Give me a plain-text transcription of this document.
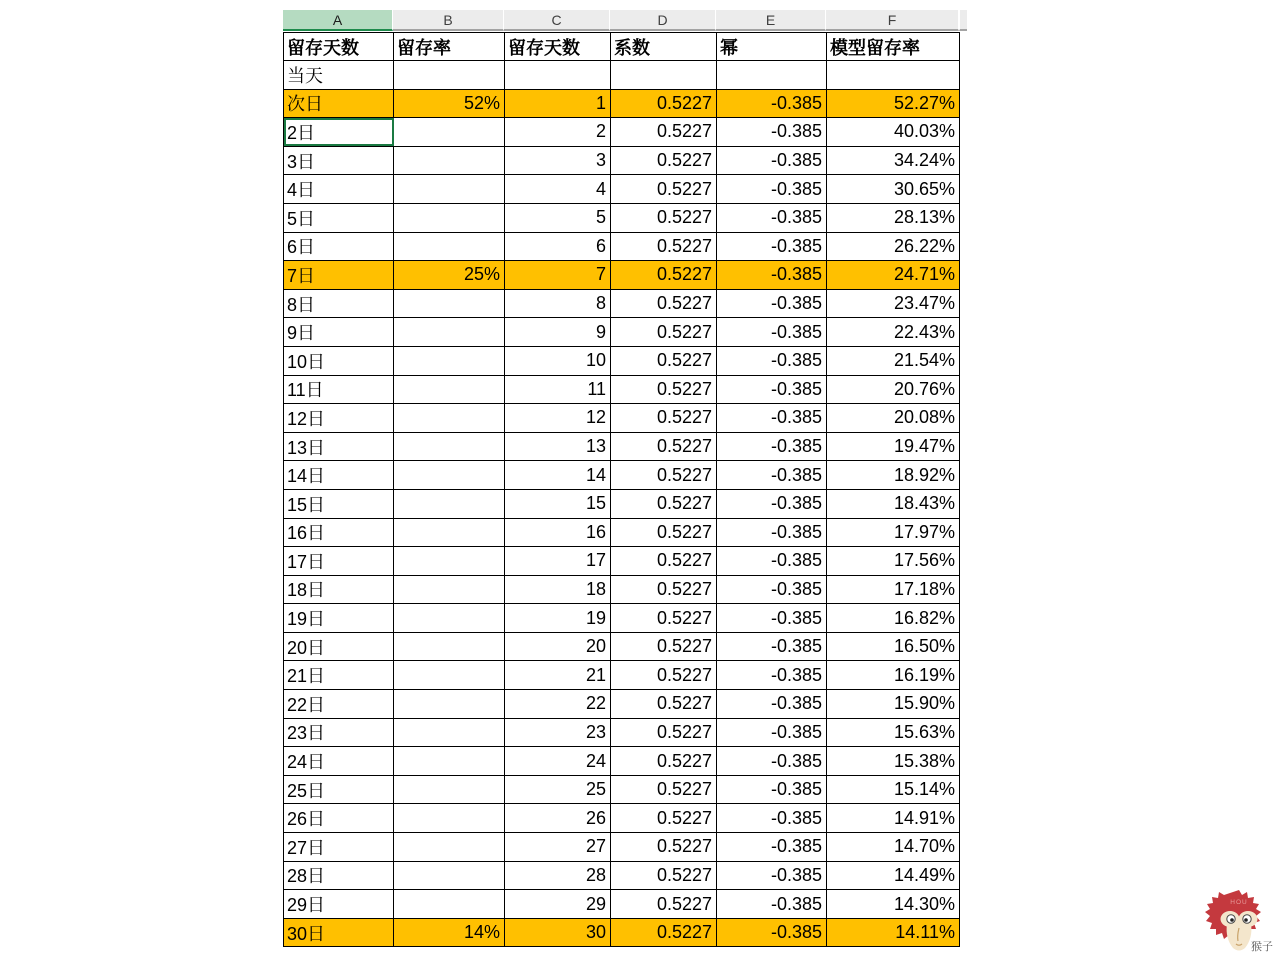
A	B	C	D	E	F
留存天数	留存率	留存天数	系数	幂	模型留存率
当天					
次日	52%	1	0.5227	-0.385	52.27%
2日		2	0.5227	-0.385	40.03%
3日		3	0.5227	-0.385	34.24%
4日		4	0.5227	-0.385	30.65%
5日		5	0.5227	-0.385	28.13%
6日		6	0.5227	-0.385	26.22%
7日	25%	7	0.5227	-0.385	24.71%
8日		8	0.5227	-0.385	23.47%
9日		9	0.5227	-0.385	22.43%
10日		10	0.5227	-0.385	21.54%
11日		11	0.5227	-0.385	20.76%
12日		12	0.5227	-0.385	20.08%
13日		13	0.5227	-0.385	19.47%
14日		14	0.5227	-0.385	18.92%
15日		15	0.5227	-0.385	18.43%
16日		16	0.5227	-0.385	17.97%
17日		17	0.5227	-0.385	17.56%
18日		18	0.5227	-0.385	17.18%
19日		19	0.5227	-0.385	16.82%
20日		20	0.5227	-0.385	16.50%
21日		21	0.5227	-0.385	16.19%
22日		22	0.5227	-0.385	15.90%
23日		23	0.5227	-0.385	15.63%
24日		24	0.5227	-0.385	15.38%
25日		25	0.5227	-0.385	15.14%
26日		26	0.5227	-0.385	14.91%
27日		27	0.5227	-0.385	14.70%
28日		28	0.5227	-0.385	14.49%
29日		29	0.5227	-0.385	14.30%
30日	14%	30	0.5227	-0.385	14.11%
HOU
猴子
